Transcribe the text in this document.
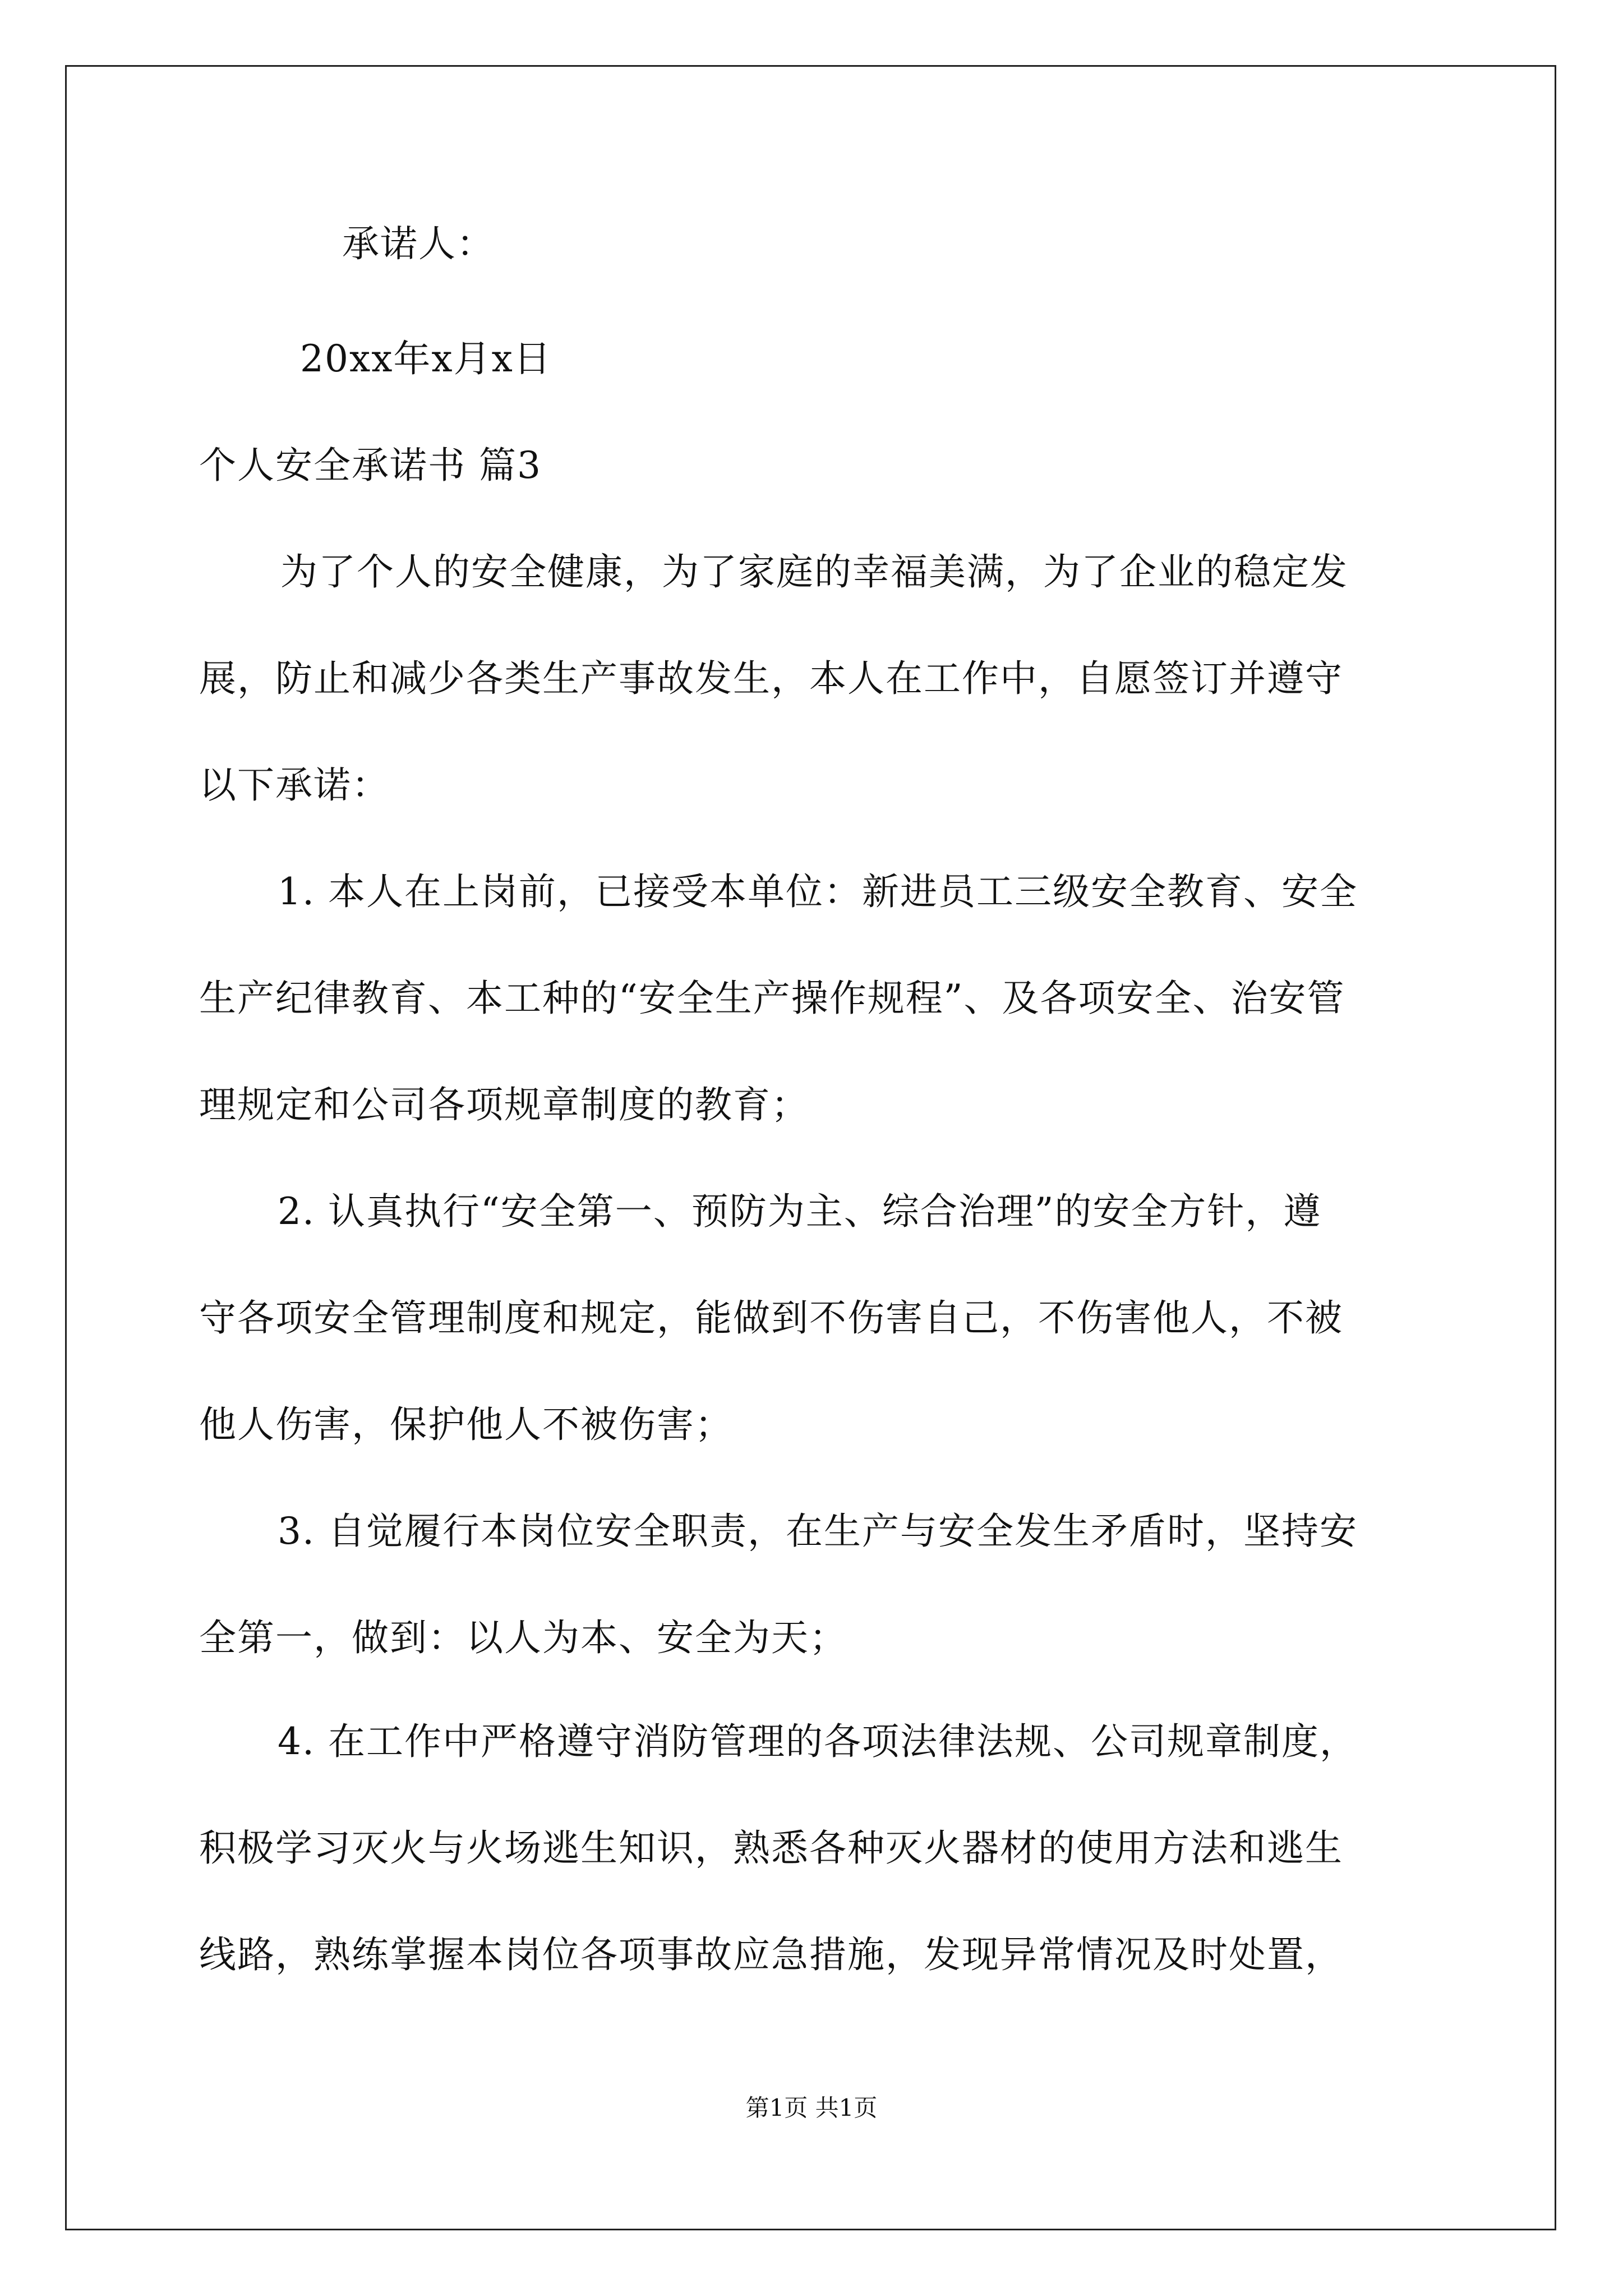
承诺人：
20xx年x月x日
个人安全承诺书 篇3
为了个人的安全健康，为了家庭的幸福美满，为了企业的稳定发
展，防止和减少各类生产事故发生，本人在工作中，自愿签订并遵守
以下承诺：
1. 本人在上岗前，已接受本单位：新进员工三级安全教育、安全
生产纪律教育、本工种的“安全生产操作规程”、及各项安全、治安管
理规定和公司各项规章制度的教育；
2. 认真执行“安全第一、预防为主、综合治理”的安全方针，遵
守各项安全管理制度和规定，能做到不伤害自己，不伤害他人，不被
他人伤害，保护他人不被伤害；
3. 自觉履行本岗位安全职责，在生产与安全发生矛盾时，坚持安
全第一，做到：以人为本、安全为天；
4. 在工作中严格遵守消防管理的各项法律法规、公司规章制度，
积极学习灭火与火场逃生知识，熟悉各种灭火器材的使用方法和逃生
线路，熟练掌握本岗位各项事故应急措施，发现异常情况及时处置，
第1页 共1页
